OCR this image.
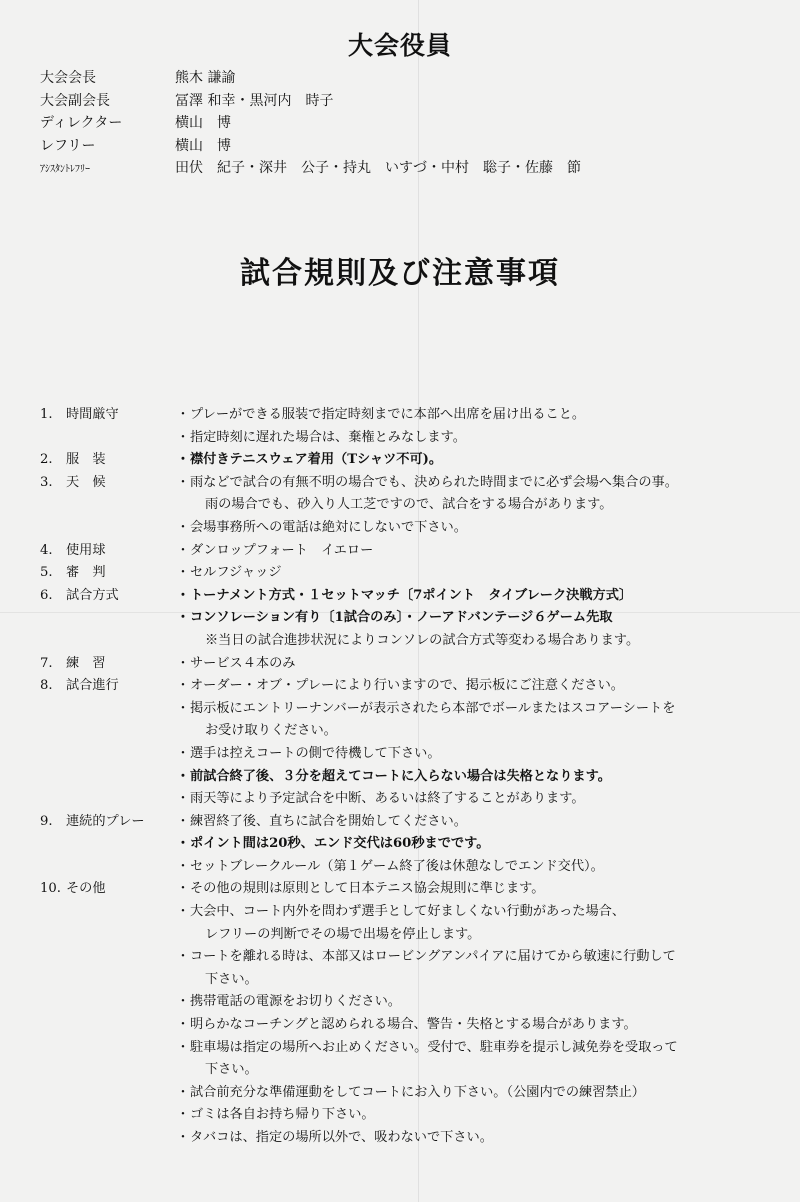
大会役員
大会会長	熊木 謙諭
大会副会長	冨澤 和幸・黒河内　時子
ディレクター	横山　博
レフリー	横山　博
ｱｼｽﾀﾝﾄﾚﾌﾘｰ	田伏　紀子・深井　公子・持丸　いすづ・中村　聡子・佐藤　節
試合規則及び注意事項
1. 時間厳守	・ プレーができる服装で指定時刻までに本部へ出席を届け出ること。
・ 指定時刻に遅れた場合は、棄権とみなします。
2. 服　装	・ 襟付きテニスウェア着用（Tシャツ不可)。
3. 天　候	・ 雨などで試合の有無不明の場合でも、決められた時間までに必ず会場へ集合の事。
雨の場合でも、砂入り人工芝ですので、試合をする場合があります。
・ 会場事務所への電話は絶対にしないで下さい。
4. 使用球	・ ダンロップフォート　イエロー
5. 審　判	・ セルフジャッジ
6. 試合方式	・ トーナメント方式・１セットマッチ〔7ポイント　タイブレーク決戦方式〕
・ コンソレーション有り〔1試合のみ〕・ノーアドバンテージ６ゲーム先取
※当日の試合進捗状況によりコンソレの試合方式等変わる場合あります。
7. 練　習	・ サービス４本のみ
8. 試合進行	・ オーダー・オブ・プレーにより行いますので、掲示板にご注意ください。
・ 掲示板にエントリーナンバーが表示されたら本部でボールまたはスコアーシートを
お受け取りください。
・ 選手は控えコートの側で待機して下さい。
・ 前試合終了後、３分を超えてコートに入らない場合は失格となります。
・ 雨天等により予定試合を中断、あるいは終了することがあります。
9. 連続的プレー	・ 練習終了後、直ちに試合を開始してください。
・ ポイント間は20秒、エンド交代は60秒までです。
・ セットブレークルール（第１ゲーム終了後は休憩なしでエンド交代）。
10. その他	・ その他の規則は原則として日本テニス協会規則に準じます。
・ 大会中、コート内外を問わず選手として好ましくない行動があった場合、
レフリーの判断でその場で出場を停止します。
・ コートを離れる時は、本部又はロービングアンパイアに届けてから敏速に行動して
下さい。
・ 携帯電話の電源をお切りください。
・ 明らかなコーチングと認められる場合、警告・失格とする場合があります。
・ 駐車場は指定の場所へお止めください。受付で、駐車券を提示し減免券を受取って
下さい。
・ 試合前充分な準備運動をしてコートにお入り下さい。（公園内での練習禁止）
・ ゴミは各自お持ち帰り下さい。
・ タバコは、指定の場所以外で、吸わないで下さい。
